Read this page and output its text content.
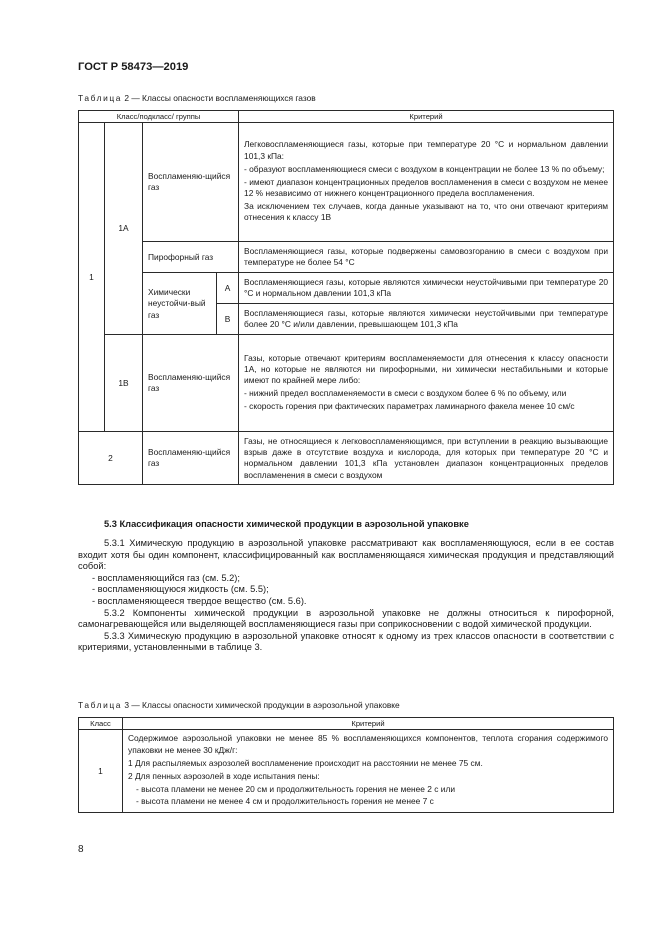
ГОСТ Р 58473—2019
Таблица 2 — Классы опасности воспламеняющихся газов
Класс/подкласс/ группы				Критерий
1	1А	Воспламеняю-щийся газ		Легковоспламеняющиеся газы, которые при температуре 20 °С и нормальном давлении 101,3 кПа:

- образуют воспламеняющиеся смеси с воздухом в концентрации не более 13 % по объему;

- имеют диапазон концентрационных пределов воспламенения в смеси с воздухом не менее 12 % независимо от нижнего концентрационного предела воспламенения.

За исключением тех случаев, когда данные указывают на то, что они отвечают критериям отнесения к классу 1В

		Пирофорный газ		Воспламеняющиеся газы, которые подвержены самовозгоранию в смеси с воздухом при температуре не более 54 °С
		Химически неустойчи-вый газ	А	Воспламеняющиеся газы, которые являются химически неустойчивыми при температуре 20 °С и нормальном давлении 101,3 кПа
			В	Воспламеняющиеся газы, которые являются химически неустойчивыми при температуре более 20 °С и/или давлении, превышающем 101,3 кПа
	1В	Воспламеняю-щийся газ		Газы, которые отвечают критериям воспламеняемости для отнесения к классу опасности 1А, но которые не являются ни пирофорными, ни химически нестабильными и которые имеют по крайней мере либо:

- нижний предел воспламеняемости в смеси с воздухом более 6 % по объему, или

- скорость горения при фактических параметрах ламинарного факела менее 10 см/с

2		Воспламеняю-щийся газ		Газы, не относящиеся к легковоспламеняющимся, при вступлении в реакцию вызывающие взрыв даже в отсутствие воздуха и кислорода, для которых при температуре 20 °С и нормальном давлении 101,3 кПа установлен диапазон концентрационных пределов воспламенения в смеси с воздухом
5.3 Классификация опасности химической продукции в аэрозольной упаковке

5.3.1 Химическую продукцию в аэрозольной упаковке рассматривают как воспламеняющуюся, если в ее состав входит хотя бы один компонент, классифицированный как воспламеняющаяся химическая продукция и представляющий собой:

- воспламеняющийся газ (см. 5.2);

- воспламеняющуюся жидкость (см. 5.5);

- воспламеняющееся твердое вещество (см. 5.6).

5.3.2 Компоненты химической продукции в аэрозольной упаковке не должны относиться к пирофорной, самонагревающейся или выделяющей воспламеняющиеся газы при соприкосновении с водой химической продукции.

5.3.3 Химическую продукцию в аэрозольной упаковке относят к одному из трех классов опасности в соответствии с критериями, установленными в таблице 3.

Таблица 3 — Классы опасности химической продукции в аэрозольной упаковке
Класс	Критерий
1	Содержимое аэрозольной упаковки не менее 85 % воспламеняющихся компонентов, теплота сгорания содержимого упаковки не менее 30 кДж/г:

1 Для распыляемых аэрозолей воспламенение происходит на расстоянии не менее 75 см.

2 Для пенных аэрозолей в ходе испытания пены:

- высота пламени не менее 20 см и продолжительность горения не менее 2 с или

- высота пламени не менее 4 см и продолжительность горения не менее 7 с

8
